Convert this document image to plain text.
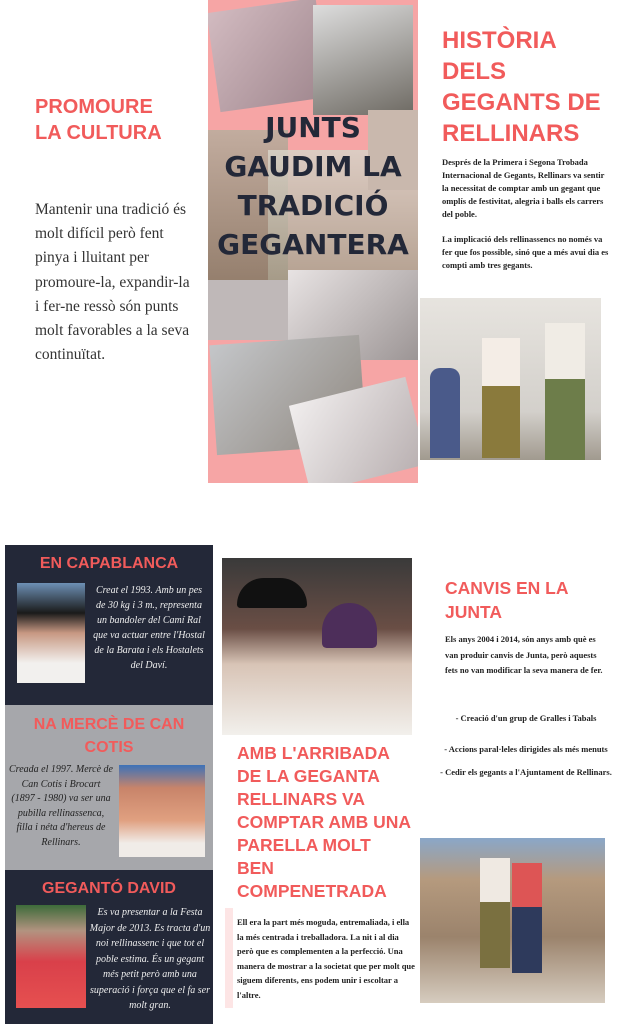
PROMOURE
LA CULTURA
Mantenir una tradició és molt difícil però fent pinya i lluitant per promoure-la, expandir-la i fer-ne ressò són punts molt favorables a la seva continuïtat.
JUNTS
GAUDIM LA
TRADICIÓ
GEGANTERA
HISTÒRIA
DELS
GEGANTS DE
RELLINARS

Després de la Primera i Segona Trobada Internacional de Gegants, Rellinars va sentir la necessitat de comptar amb un gegant que omplís de festivitat, alegria i balls els carrers del poble.

La implicació dels rellinassencs no només va fer que fos possible, sinó que a més avui dia es compti amb tres gegants.

EN CAPABLANCA
Creat el 1993. Amb un pes de 30 kg i 3 m., representa un bandoler del Camí Ral que va actuar entre l'Hostal de la Barata i els Hostalets del Daví.
NA MERCÈ DE CAN
COTIS
Creada el 1997. Mercè de Can Cotis i Brocart (1897 - 1980) va ser una pubilla rellinassenca, filla i néta d'hereus de Rellinars.
GEGANTÓ DAVID
Es va presentar a la Festa Major de 2013. Es tracta d'un noi rellinassenc i que tot el poble estima. És un gegant més petit però amb una superació i força que el fa ser molt gran.
AMB L'ARRIBADA DE LA GEGANTA RELLINARS VA COMPTAR AMB UNA PARELLA MOLT BEN COMPENETRADA
Ell era la part més moguda, entremaliada, i ella la més centrada i treballadora. La nit i al dia però que es complementen a la perfecció. Una manera de mostrar a la societat que per molt que siguem diferents, ens podem unir i escoltar a l'altre.
CANVIS EN LA
JUNTA
Els anys 2004 i 2014, són anys amb què es van produir canvis de Junta, però aquests fets no van modificar la seva manera de fer.
- Creació d'un grup de Gralles i Tabals
- Accions paral·leles dirigides als més menuts
- Cedir els gegants a l'Ajuntament de Rellinars.
